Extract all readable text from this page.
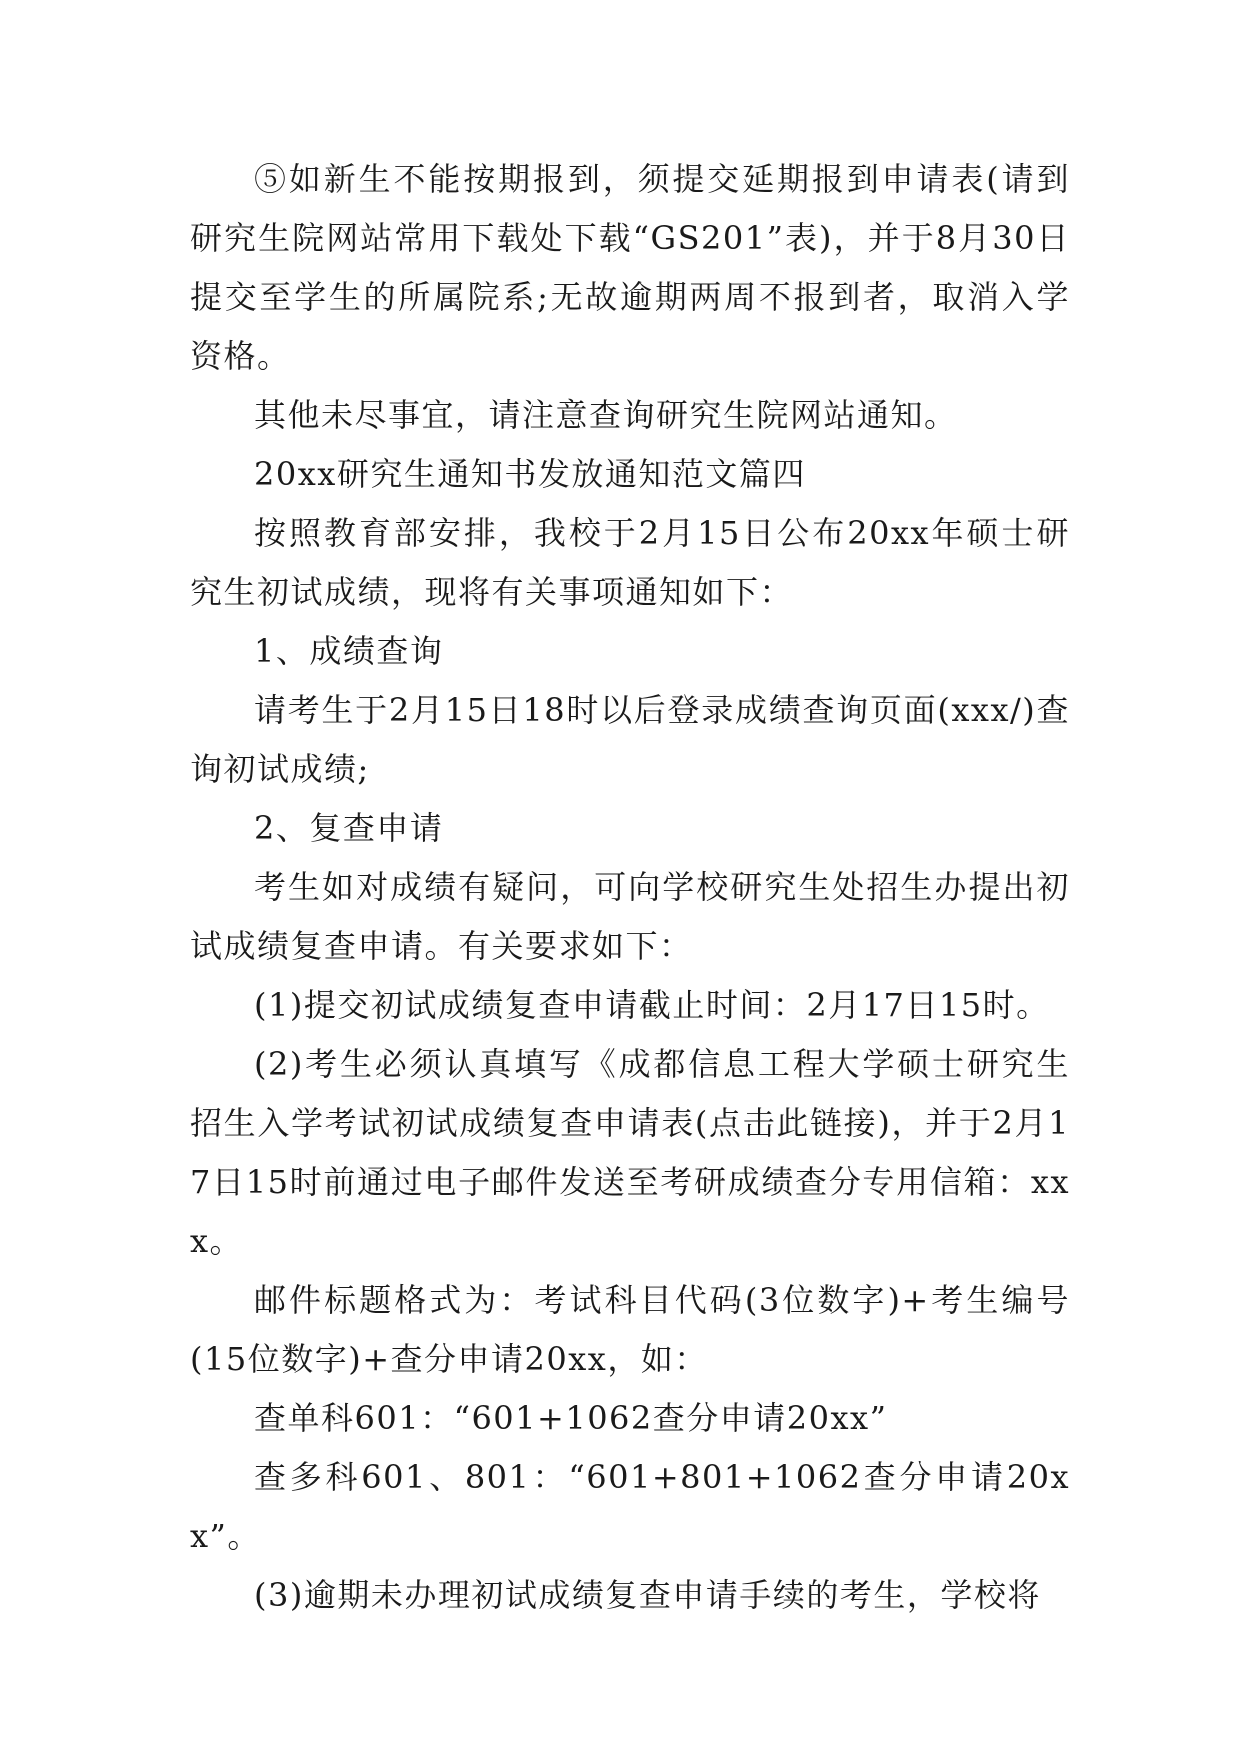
⑤如新生不能按期报到，须提交延期报到申请表(请到研究生院网站常用下载处下载“GS201”表)，并于8月30日提交至学生的所属院系;无故逾期两周不报到者，取消入学资格。

其他未尽事宜，请注意查询研究生院网站通知。

20xx研究生通知书发放通知范文篇四

按照教育部安排，我校于2月15日公布20xx年硕士研究生初试成绩，现将有关事项通知如下：

1、成绩查询

请考生于2月15日18时以后登录成绩查询页面(xxx/)查询初试成绩;

2、复查申请

考生如对成绩有疑问，可向学校研究生处招生办提出初试成绩复查申请。有关要求如下：

(1)提交初试成绩复查申请截止时间：2月17日15时。

(2)考生必须认真填写《成都信息工程大学硕士研究生招生入学考试初试成绩复查申请表(点击此链接)，并于2月17日15时前通过电子邮件发送至考研成绩查分专用信箱：xxx。

邮件标题格式为：考试科目代码(3位数字)+考生编号(15位数字)+查分申请20xx，如：

查单科601：“601+1062查分申请20xx”

查多科601、801：“601+801+1062查分申请20xx”。

(3)逾期未办理初试成绩复查申请手续的考生，学校将
